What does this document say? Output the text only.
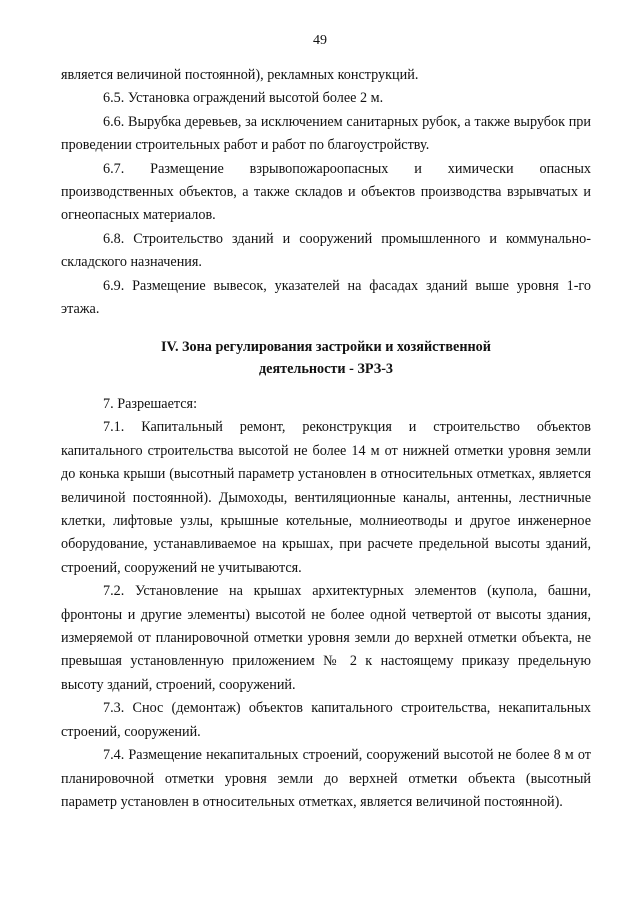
49

является величиной постоянной), рекламных конструкций.

6.5. Установка ограждений высотой более 2 м.

6.6. Вырубка деревьев, за исключением санитарных рубок, а также вырубок при проведении строительных работ и работ по благоустройству.

6.7. Размещение взрывопожароопасных и химически опасных производственных объектов, а также складов и объектов производства взрывчатых и огнеопасных материалов.

6.8. Строительство зданий и сооружений промышленного и коммунально-складского назначения.

6.9. Размещение вывесок, указателей на фасадах зданий выше уровня 1-го этажа.

IV. Зона регулирования застройки и хозяйственной
деятельности - ЗРЗ-3

7. Разрешается:

7.1. Капитальный ремонт, реконструкция и строительство объектов капитального строительства высотой не более 14 м от нижней отметки уровня земли до конька крыши (высотный параметр установлен в относительных отметках, является величиной постоянной). Дымоходы, вентиляционные каналы, антенны, лестничные клетки, лифтовые узлы, крышные котельные, молниеотводы и другое инженерное оборудование, устанавливаемое на крышах, при расчете предельной высоты зданий, строений, сооружений не учитываются.

7.2. Установление на крышах архитектурных элементов (купола, башни, фронтоны и другие элементы) высотой не более одной четвертой от высоты здания, измеряемой от планировочной отметки уровня земли до верхней отметки объекта, не превышая установленную приложением № 2 к настоящему приказу предельную высоту зданий, строений, сооружений.

7.3. Снос (демонтаж) объектов капитального строительства, некапитальных строений, сооружений.

7.4. Размещение некапитальных строений, сооружений высотой не более 8 м от планировочной отметки уровня земли до верхней отметки объекта (высотный параметр установлен в относительных отметках, является величиной постоянной).
